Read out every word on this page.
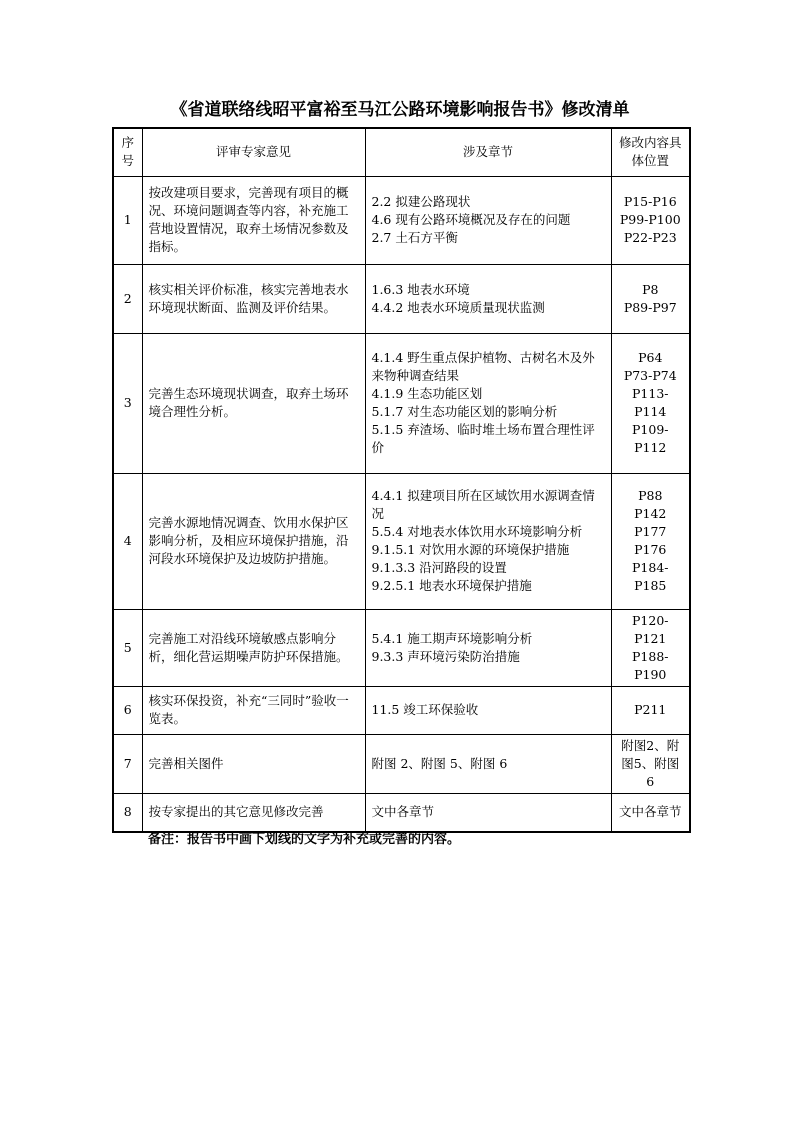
《省道联络线昭平富裕至马江公路环境影响报告书》修改清单
序号	评审专家意见	涉及章节	修改内容具体位置
1	按改建项目要求，完善现有项目的概况、环境问题调查等内容，补充施工营地设置情况，取弃土场情况参数及指标。	2.2 拟建公路现状
4.6 现有公路环境概况及存在的问题
2.7 土石方平衡	P15-P16
P99-P100
P22-P23

2	核实相关评价标准，核实完善地表水环境现状断面、监测及评价结果。	1.6.3 地表水环境
4.4.2 地表水环境质量现状监测	P8
P89-P97

3	完善生态环境现状调查，取弃土场环境合理性分析。	4.1.4 野生重点保护植物、古树名木及外来物种调查结果
4.1.9 生态功能区划
5.1.7 对生态功能区划的影响分析
5.1.5 弃渣场、临时堆土场布置合理性评价	P64
P73-P74
P113-P114
P109-P112

4	完善水源地情况调查、饮用水保护区影响分析，及相应环境保护措施，沿河段水环境保护及边坡防护措施。	4.4.1 拟建项目所在区域饮用水源调查情况
5.5.4 对地表水体饮用水环境影响分析
9.1.5.1 对饮用水源的环境保护措施
9.1.3.3 沿河路段的设置
9.2.5.1 地表水环境保护措施	P88
P142
P177
P176
P184-P185

5	完善施工对沿线环境敏感点影响分析，细化营运期噪声防护环保措施。	5.4.1 施工期声环境影响分析
9.3.3 声环境污染防治措施	P120-P121
P188-P190

6	核实环保投资，补充“三同时”验收一览表。	11.5 竣工环保验收	P211

7	完善相关图件	附图 2、附图 5、附图 6	附图2、附图5、附图6

8	按专家提出的其它意见修改完善	文中各章节	文中各章节
备注：报告书中画下划线的文字为补充或完善的内容。
